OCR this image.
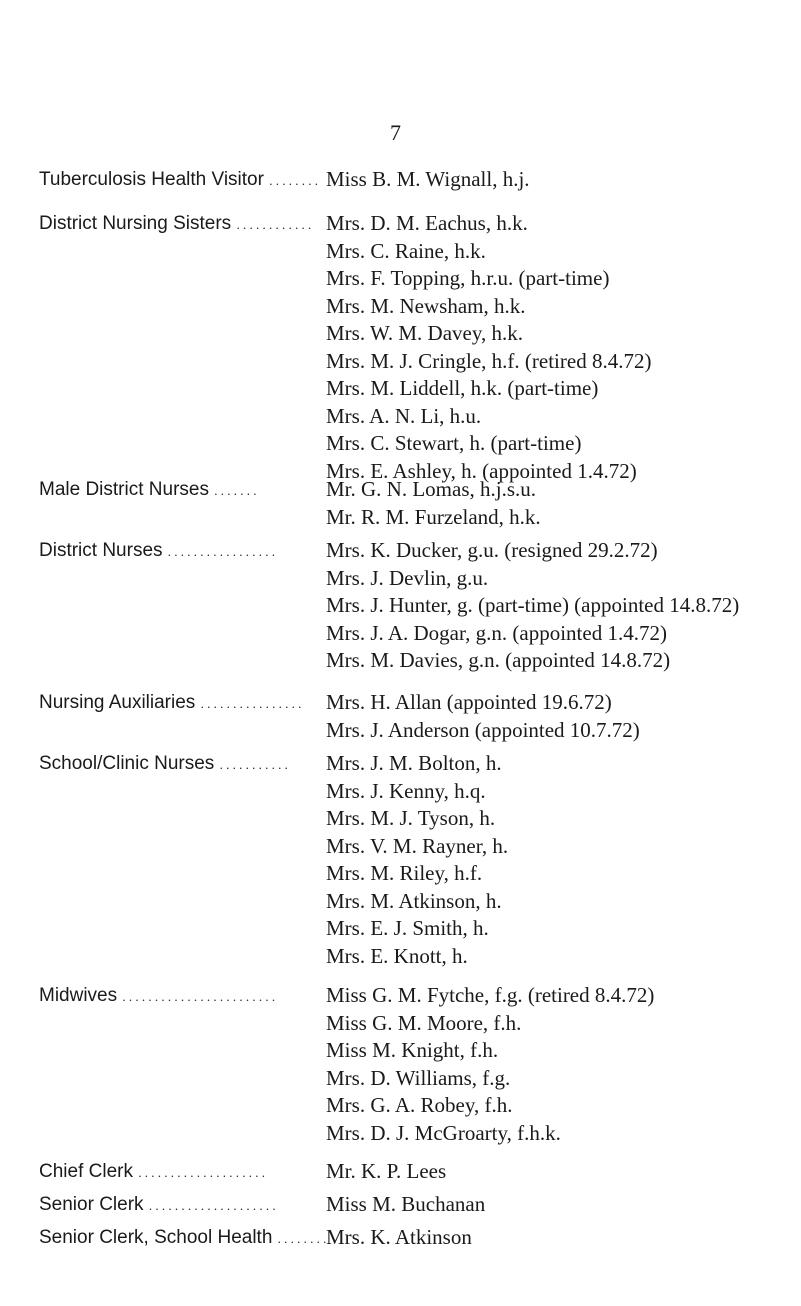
7
Tuberculosis Health Visitor . . . . . . . . Miss B. M. Wignall, h.j.
District Nursing Sisters . . . . . . . . . . . . Mrs. D. M. Eachus, h.k.
Mrs. C. Raine, h.k.
Mrs. F. Topping, h.r.u. (part-time)
Mrs. M. Newsham, h.k.
Mrs. W. M. Davey, h.k.
Mrs. M. J. Cringle, h.f. (retired 8.4.72)
Mrs. M. Liddell, h.k. (part-time)
Mrs. A. N. Li, h.u.
Mrs. C. Stewart, h. (part-time)
Mrs. E. Ashley, h. (appointed 1.4.72)
Male District Nurses . . . . . . .	Mr. G. N. Lomas, h.j.s.u.
Mr. R. M. Furzeland, h.k.
District Nurses . . . . . . . . . . . . . . . . . Mrs. K. Ducker, g.u. (resigned 29.2.72)
Mrs. J. Devlin, g.u.
Mrs. J. Hunter, g. (part-time) (appointed 14.8.72)
Mrs. J. A. Dogar, g.n. (appointed 1.4.72)
Mrs. M. Davies, g.n. (appointed 14.8.72)
Nursing Auxiliaries . . . . . . . . . . . . . . . . Mrs. H. Allan (appointed 19.6.72)
Mrs. J. Anderson (appointed 10.7.72)
School/Clinic Nurses . . . . . . . . . . . Mrs. J. M. Bolton, h.
Mrs. J. Kenny, h.q.
Mrs. M. J. Tyson, h.
Mrs. V. M. Rayner, h.
Mrs. M. Riley, h.f.
Mrs. M. Atkinson, h.
Mrs. E. J. Smith, h.
Mrs. E. Knott, h.
Midwives . . . . . . . . . . . . . . . . . . . . . . . . Miss G. M. Fytche, f.g. (retired 8.4.72)
Miss G. M. Moore, f.h.
Miss M. Knight, f.h.
Mrs. D. Williams, f.g.
Mrs. G. A. Robey, f.h.
Mrs. D. J. McGroarty, f.h.k.
Chief Clerk . . . . . . . . . . . . . . . . . . . .	Mr. K. P. Lees
Senior Clerk . . . . . . . . . . . . . . . . . . . . Miss M. Buchanan
Senior Clerk, School Health . . . . . . . . Mrs. K. Atkinson
